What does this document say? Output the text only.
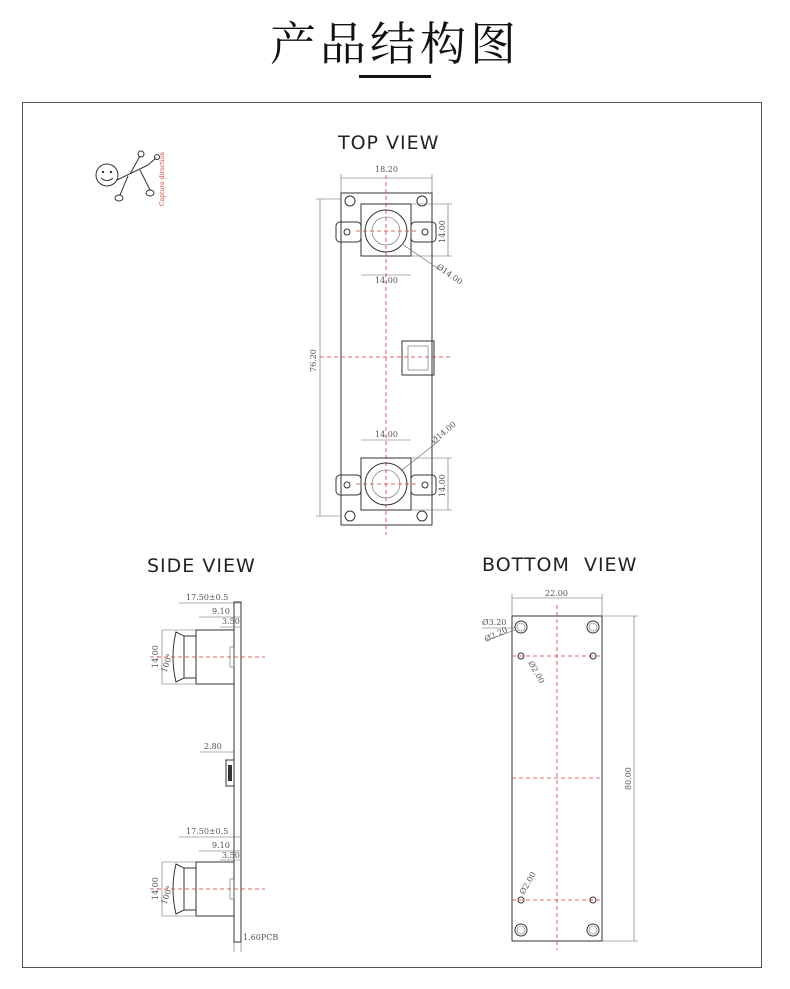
产品结构图
TOP VIEW
SIDE VIEW	BOTTOM  VIEW
Capture direction	18.20
76.20
14.00
14.00
Ø14.00
14.00
14.00
Ø14.00
17.50±0.5
9.10
3.50
14.00 100°
2.80
17.50±0.5
9.10
3.50
14.00 100°
1.60PCB
22.00
80.00
Ø3.20
Ø2.20
Ø2.00
Ø2.00
